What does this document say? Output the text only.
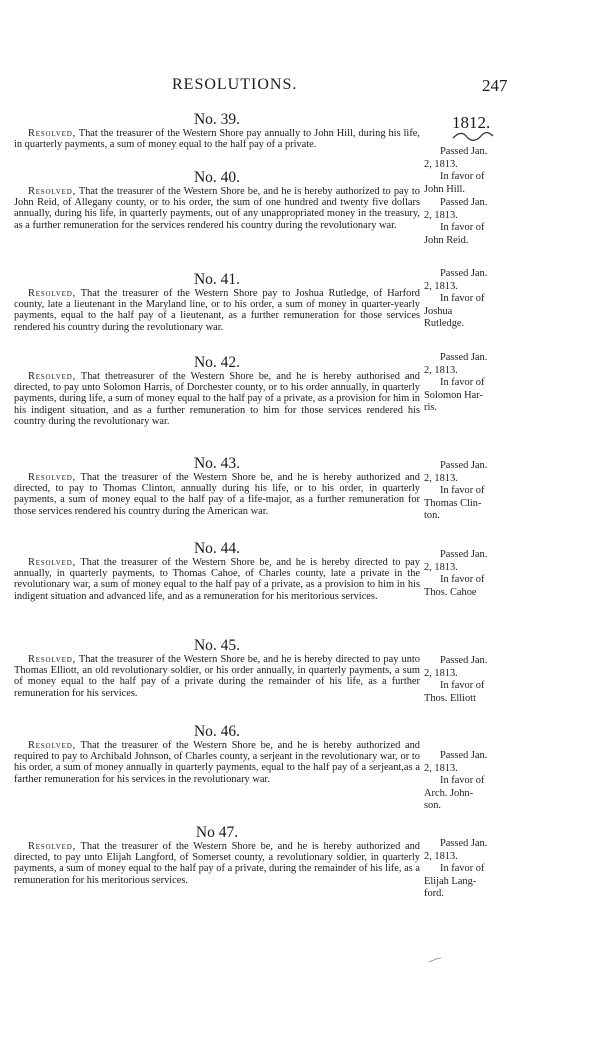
RESOLUTIONS.	247
1812.
No. 39.

Resolved, That the treasurer of the Western Shore pay annually to John Hill, during his life, in quarterly payments, a sum of money equal to the half pay of a private.

Passed Jan.
2, 1813.
In favor of
John Hill.
No. 40.

Resolved, That the treasurer of the Western Shore be, and he is hereby authorized to pay to John Reid, of Allegany county, or to his order, the sum of one hundred and twenty five dollars annually, during his life, in quarterly payments, out of any unappropriated money in the treasury, as a further remuneration for the services rendered his country during the revolutionary war.

Passed Jan.
2, 1813.
In favor of
John Reid.
No. 41.

Resolved, That the treasurer of the Western Shore pay to Joshua Rutledge, of Harford county, late a lieutenant in the Maryland line, or to his order, a sum of money in quarter-yearly payments, equal to the half pay of a lieutenant, as a further remuneration for those services rendered his country during the revolutionary war.

Passed Jan.
2, 1813.
In favor of
Joshua
Rutledge.
No. 42.

Resolved, That thetreasurer of the Western Shore be, and he is hereby authorised and directed, to pay unto Solomon Harris, of Dorchester county, or to his order annually, in quarterly payments, during life, a sum of money equal to the half pay of a private, as a provision for him in his indigent situation, and as a further remuneration to him for those services rendered his country during the revolutionary war.

Passed Jan.
2, 1813.
In favor of
Solomon Har-
ris.
No. 43.

Resolved, That the treasurer of the Western Shore be, and he is hereby authorized and directed, to pay to Thomas Clinton, annually during his life, or to his order, in quarterly payments, a sum of money equal to the half pay of a fife-major, as a further remuneration for those services rendered his country during the American war.

Passed Jan.
2, 1813.
In favor of
Thomas Clin-
ton.
No. 44.

Resolved, That the treasurer of the Western Shore be, and he is hereby directed to pay annually, in quarterly payments, to Thomas Cahoe, of Charles county, late a private in the revolutionary war, a sum of money equal to the half pay of a private, as a provision to him in his indigent situation and advanced life, and as a remuneration for his meritorious services.

Passed Jan.
2, 1813.
In favor of
Thos. Cahoe
No. 45.

Resolved, That the treasurer of the Western Shore be, and he is hereby directed to pay unto Thomas Elliott, an old revolutionary soldier, or his order annually, in quarterly payments, a sum of money equal to the half pay of a private during the remainder of his life, as a further remuneration for his services.

Passed Jan.
2, 1813.
In favor of
Thos. Elliott
No. 46.

Resolved, That the treasurer of the Western Shore be, and he is hereby authorized and required to pay to Archibald Johnson, of Charles county, a serjeant in the revolutionary war, or to his order, a sum of money annually in quarterly payments, equal to the half pay of a serjeant,as a farther remuneration for his services in the revolutionary war.

Passed Jan.
2, 1813.
In favor of
Arch. John-
son.
No 47.

Resolved, That the treasurer of the Western Shore be, and he is hereby authorized and directed, to pay unto Elijah Langford, of Somerset county, a revolutionary soldier, in quarterly payments, a sum of money equal to the half pay of a private, during the remainder of his life, as a remuneration for his meritorious services.

Passed Jan.
2, 1813.
In favor of
Elijah Lang-
ford.
